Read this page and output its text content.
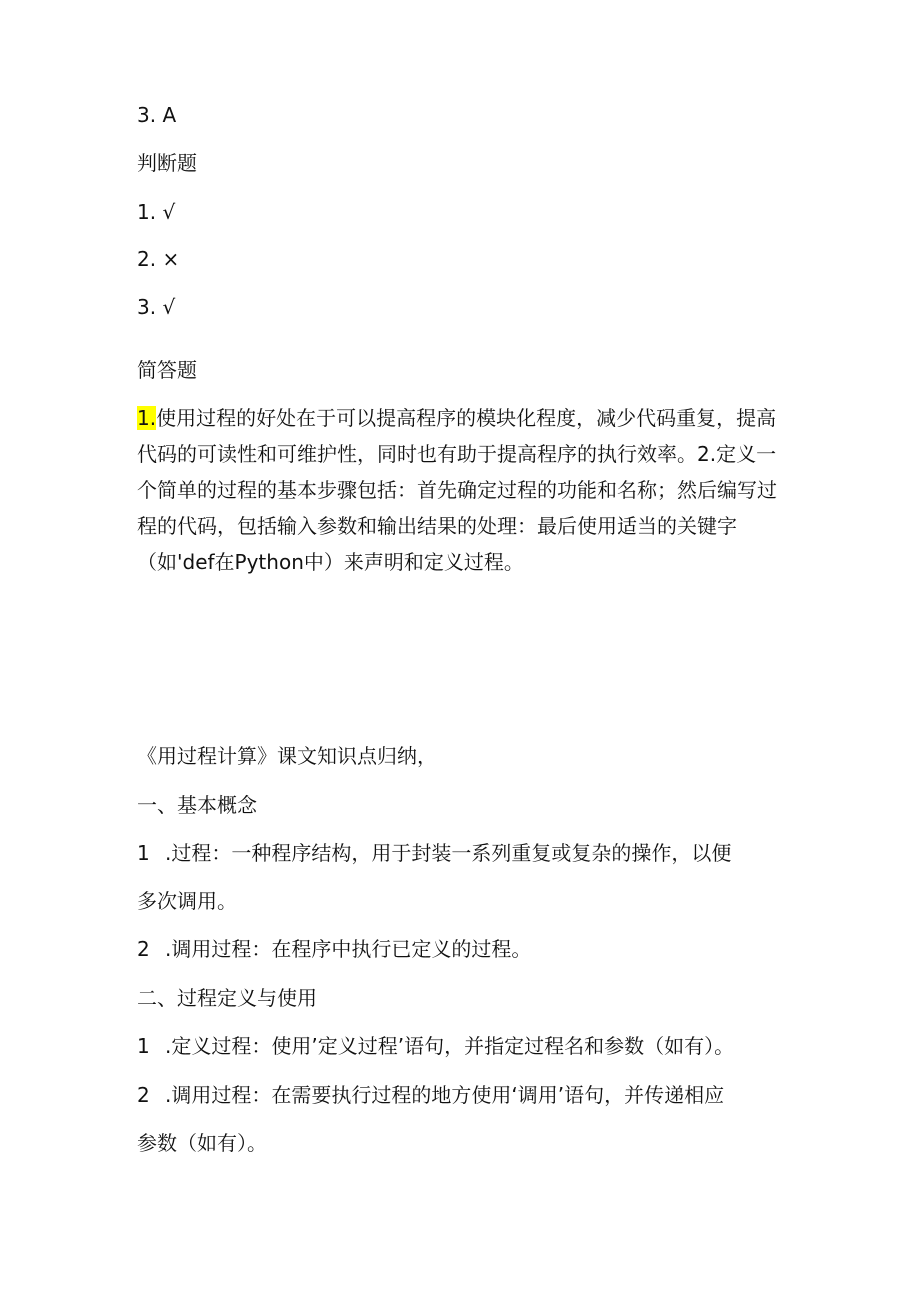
3. A
判断题
1. √
2. ×
3. √
简答题
1.使用过程的好处在于可以提高程序的模块化程度，减少代码重复，提高代码的可读性和可维护性，同时也有助于提高程序的执行效率。2.定义一个简单的过程的基本步骤包括：首先确定过程的功能和名称；然后编写过程的代码，包括输入参数和输出结果的处理：最后使用适当的关键字（如'def在Python中）来声明和定义过程。
《用过程计算》课文知识点归纳，
一、基本概念
1 .过程：一种程序结构，用于封装一系列重复或复杂的操作，以便
多次调用。
2 .调用过程：在程序中执行已定义的过程。
二、过程定义与使用
1 .定义过程：使用’定义过程’语句，并指定过程名和参数（如有）。
2 .调用过程：在需要执行过程的地方使用‘调用’语句，并传递相应
参数（如有）。
